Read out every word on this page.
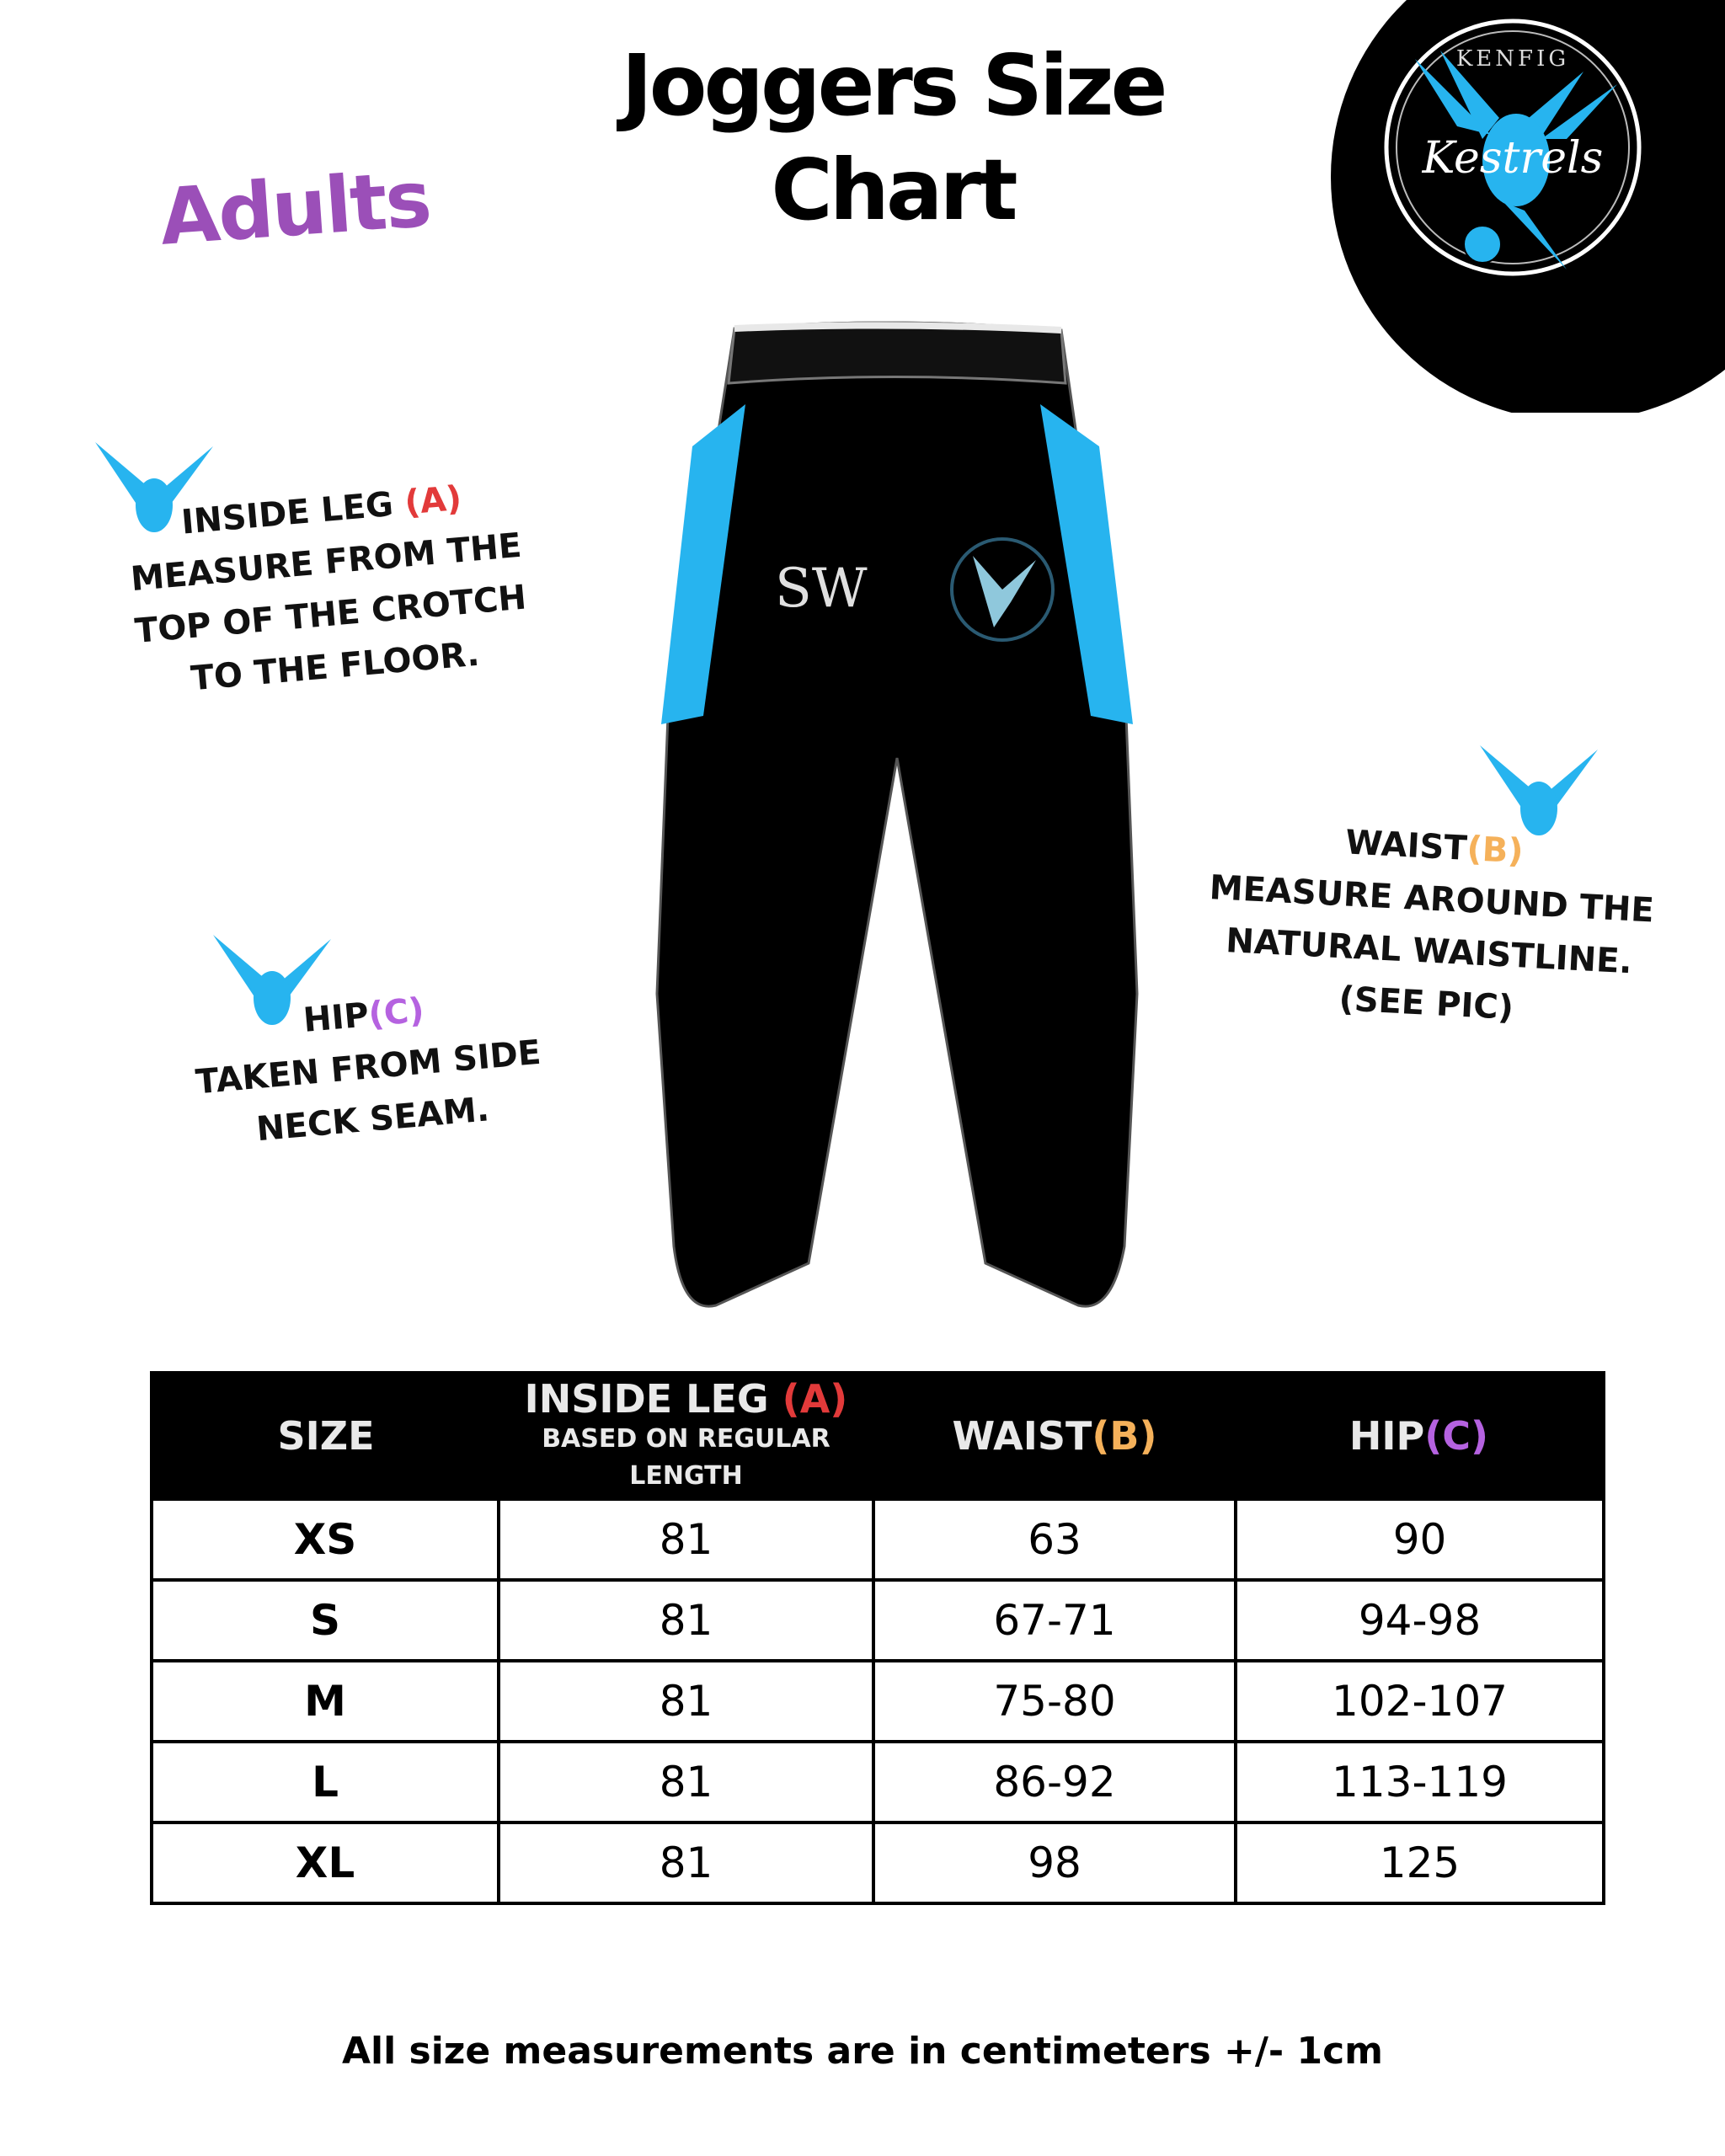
Joggers Size
Chart
Adults
KENFIG
Kestrels
SW
INSIDE LEG (A)
MEASURE FROM THE
TOP OF THE CROTCH
TO THE FLOOR.
WAIST(B)
MEASURE AROUND THE
NATURAL WAISTLINE.
(SEE PIC)
HIP(C)
TAKEN FROM SIDE
NECK SEAM.
SIZE	INSIDE LEG (A)
BASED ON REGULAR
LENGTH	WAIST(B)	HIP(C)

XS	81	63	90
S	81	67-71	94-98
M	81	75-80	102-107
L	81	86-92	113-119
XL	81	98	125
All size measurements are in centimeters +/- 1cm
